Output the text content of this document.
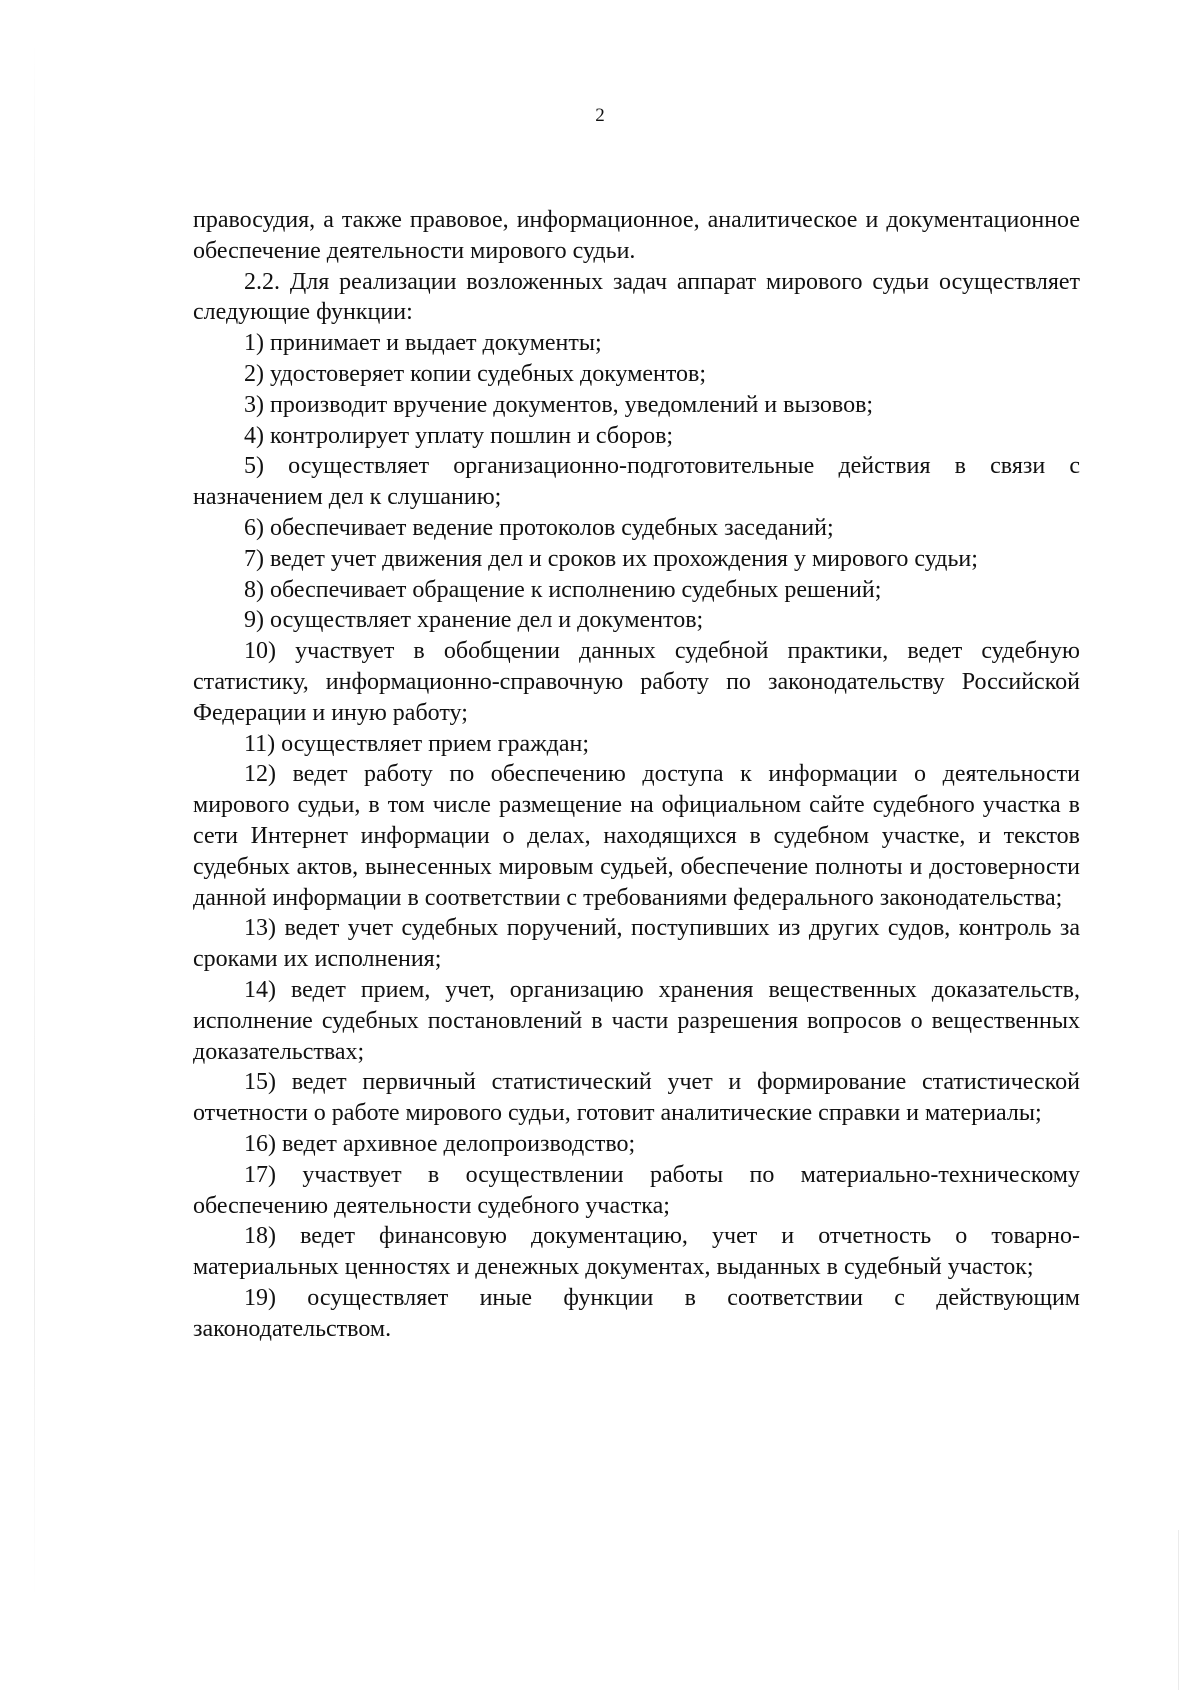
2

правосудия, а также правовое, информационное, аналитическое и документационное обеспечение деятельности мирового судьи.

2.2. Для реализации возложенных задач аппарат мирового судьи осуществляет следующие функции:

1) принимает и выдает документы;

2) удостоверяет копии судебных документов;

3) производит вручение документов, уведомлений и вызовов;

4) контролирует уплату пошлин и сборов;

5) осуществляет организационно-подготовительные действия в связи с назначением дел к слушанию;

6) обеспечивает ведение протоколов судебных заседаний;

7) ведет учет движения дел и сроков их прохождения у мирового судьи;

8) обеспечивает обращение к исполнению судебных решений;

9) осуществляет хранение дел и документов;

10) участвует в обобщении данных судебной практики, ведет судебную статистику, информационно-справочную работу по законодательству Российской Федерации и иную работу;

11) осуществляет прием граждан;

12) ведет работу по обеспечению доступа к информации о деятельности мирового судьи, в том числе размещение на официальном сайте судебного участка в сети Интернет информации о делах, находящихся в судебном участке, и текстов судебных актов, вынесенных мировым судьей, обеспечение полноты и достоверности данной информации в соответствии с требованиями федерального законодательства;

13) ведет учет судебных поручений, поступивших из других судов, контроль за сроками их исполнения;

14) ведет прием, учет, организацию хранения вещественных доказательств, исполнение судебных постановлений в части разрешения вопросов о вещественных доказательствах;

15) ведет первичный статистический учет и формирование статистической отчетности о работе мирового судьи, готовит аналитические справки и материалы;

16) ведет архивное делопроизводство;

17) участвует в осуществлении работы по материально-техническому обеспечению деятельности судебного участка;

18) ведет финансовую документацию, учет и отчетность о товарно-материальных ценностях и денежных документах, выданных в судебный участок;

19) осуществляет иные функции в соответствии с действующим законодательством.
